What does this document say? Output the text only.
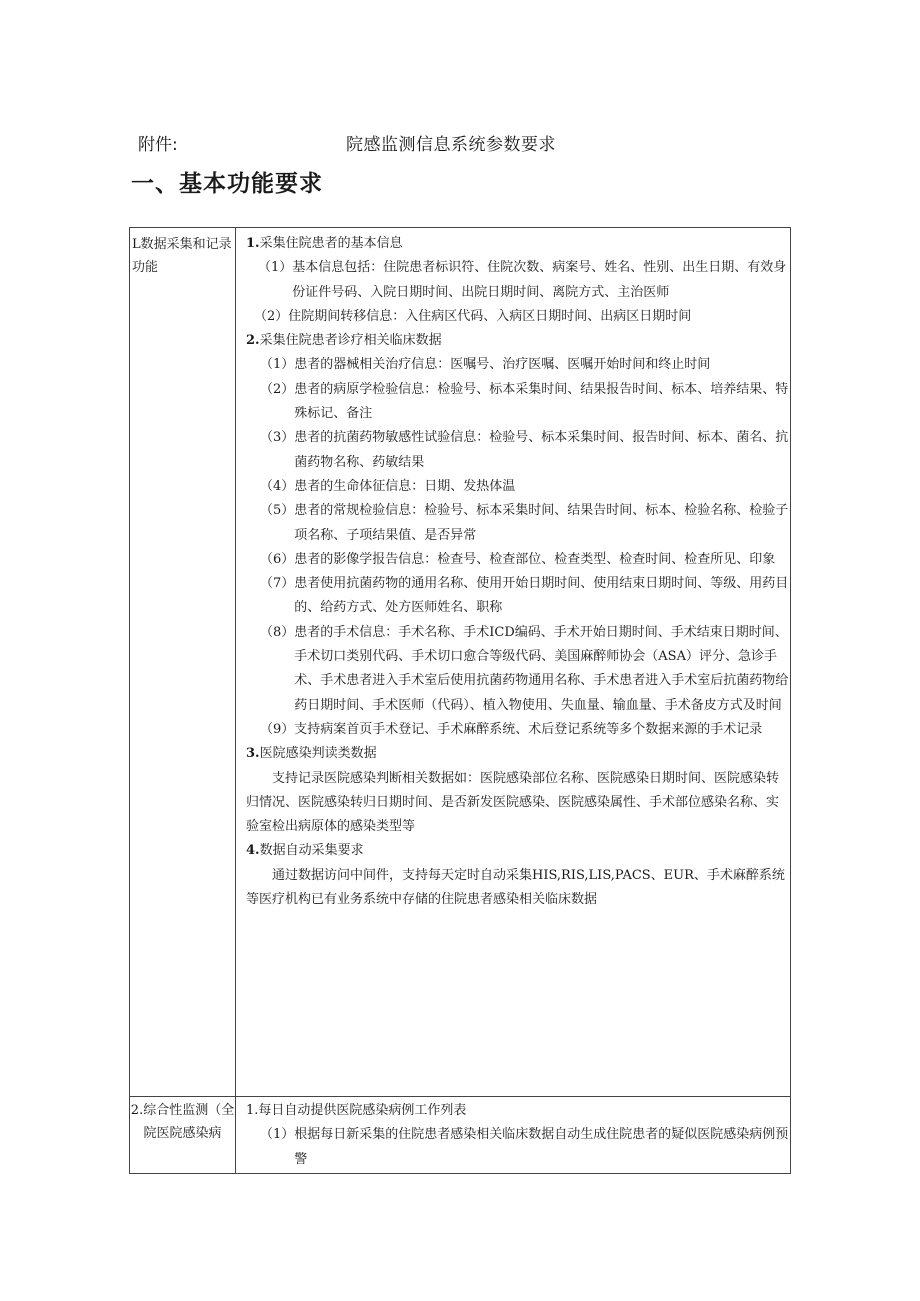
附件:	院感监测信息系统参数要求
一、基本功能要求
L数据采集和记录功能
1.采集住院患者的基本信息
（1） 基本信息包括：住院患者标识符、住院次数、病案号、姓名、性别、出生日期、有效身份证件号码、入院日期时间、出院日期时间、离院方式、主治医师
（2） 住院期间转移信息：入住病区代码、入病区日期时间、出病区日期时间
2.采集住院患者诊疗相关临床数据
（1） 患者的器械相关治疗信息：医嘱号、治疗医嘱、医嘱开始时间和终止时间
（2） 患者的病原学检验信息：检验号、标本采集时间、结果报告时间、标本、培养结果、特殊标记、备注
（3） 患者的抗菌药物敏感性试验信息：检验号、标本采集时间、报告时间、标本、菌名、抗菌药物名称、药敏结果
（4） 患者的生命体征信息：日期、发热体温
（5） 患者的常规检验信息：检验号、标本采集时间、结果告时间、标本、检验名称、检验子项名称、子项结果值、是否异常
（6） 患者的影像学报告信息：检查号、检查部位、检查类型、检查时间、检查所见、印象
（7） 患者使用抗菌药物的通用名称、使用开始日期时间、使用结束日期时间、等级、用药目的、给药方式、处方医师姓名、职称
（8） 患者的手术信息：手术名称、手术ICD编码、手术开始日期时间、手术结束日期时间、手术切口类别代码、手术切口愈合等级代码、美国麻醉师协会（ASA）评分、急诊手术、手术患者进入手术室后使用抗菌药物通用名称、手术患者进入手术室后抗菌药物给药日期时间、手术医师（代码）、植入物使用、失血量、输血量、手术备皮方式及时间
（9） 支持病案首页手术登记、手术麻醉系统、术后登记系统等多个数据来源的手术记录
3.医院感染判读类数据
支持记录医院感染判断相关数据如：医院感染部位名称、医院感染日期时间、医院感染转归情况、医院感染转归日期时间、是否新发医院感染、医院感染属性、手术部位感染名称、实验室检出病原体的感染类型等
4.数据自动采集要求
通过数据访问中间件，支持每天定时自动采集HIS,RIS,LIS,PACS、EUR、手术麻醉系统等医疗机构已有业务系统中存储的住院患者感染相关临床数据
2.综合性监测（全院医院感染病
1.每日自动提供医院感染病例工作列表
（1） 根据每日新采集的住院患者感染相关临床数据自动生成住院患者的疑似医院感染病例预警
